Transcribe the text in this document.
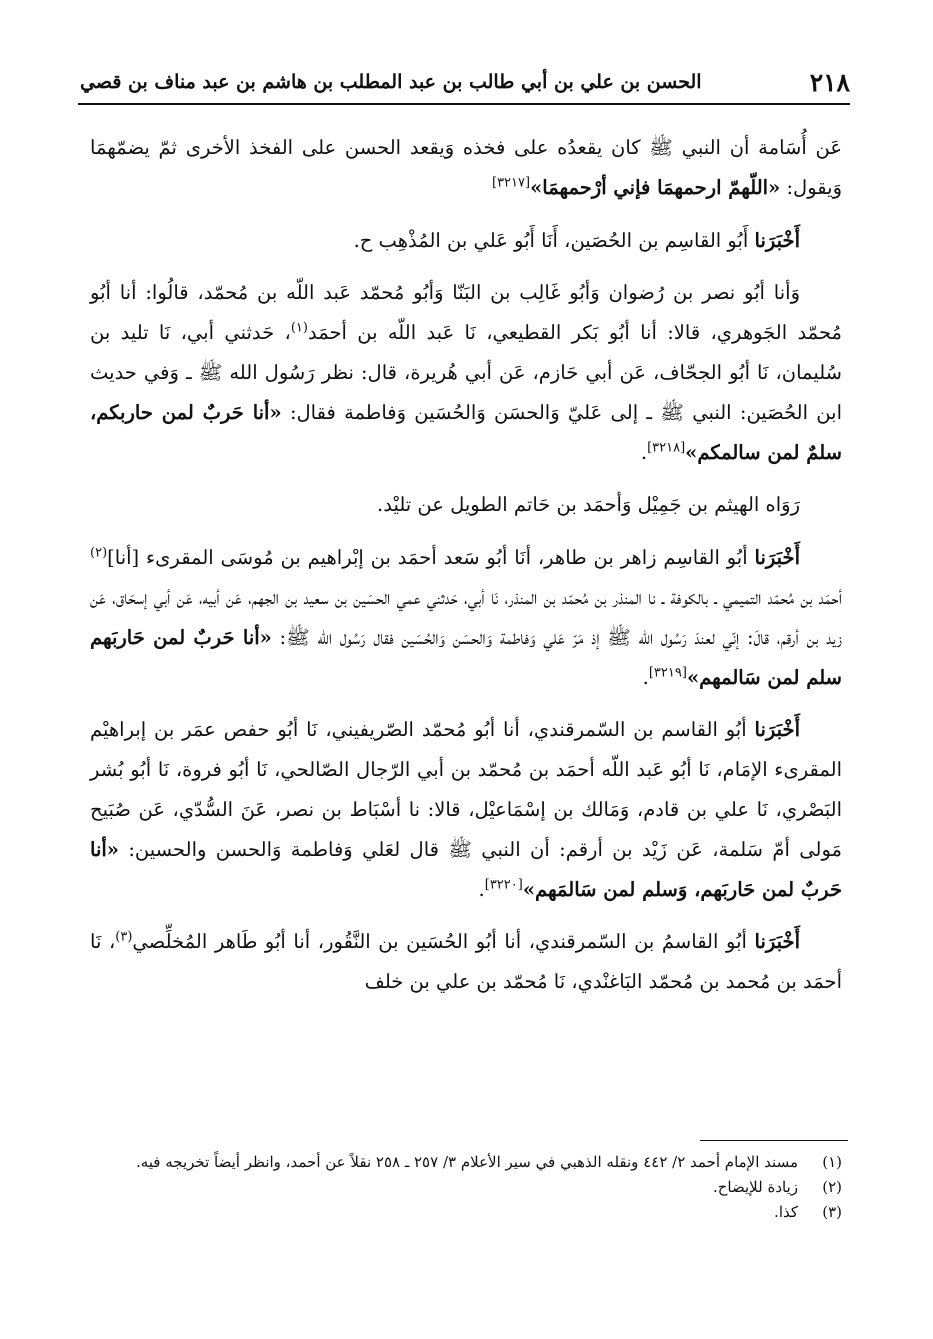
٢١٨
الحسن بن علي بن أبي طالب بن عبد المطلب بن هاشم بن عبد مناف بن قصي

عَن أُسَامة أن النبي ﷺ كان يقعدُه على فخذه وَيقعد الحسن على الفخذ الأخرى ثمّ يضمّهمَا وَيقول: «اللّهمّ ارحمهمَا فإني أرْحمهمَا»[٣٢١٧]

أَخْبَرَنا أَبُو القاسِم بن الحُصَين، أَنَا أَبُو عَلي بن المُذْهِب ح.

وَأنا أبُو نصر بن رُضوان وَأبُو غَالِب بن البَنّا وَأبُو مُحمّد عَبد اللّه بن مُحمّد، قالُوا: أنا أبُو مُحمّد الجَوهري، قالا: أنا أبُو بَكر القطيعي، نَا عَبد اللّه بن أحمَد$^{(١)}$، حَدثني أبي، نَا تليد بن سُليمان، نَا أبُو الجحّاف، عَن أبي حَازم، عَن أبي هُريرة، قال: نظر رَسُول الله ﷺ ـ وَفي حديث ابن الحُصَين: النبي ﷺ ـ إلى عَليّ وَالحسَن وَالحُسَين وَفاطمة فقال: «أنا حَربٌ لمن حاربكم، سلمٌ لمن سالمكم»[٣٢١٨].

رَوَاه الهيثم بن جَمِيْل وَأحمَد بن حَاتم الطويل عن تليْد.

أَخْبَرَنا أبُو القاسِم زاهر بن طاهر، أنَا أبُو سَعد أحمَد بن إبْراهيم بن مُوسَى المقرىء [أنا]$^{(٢)}$ أحمَد بن مُحمّد التميمي ـ بالكوفة ـ نا المنذر بن مُحمّد بن المنذر، نَا أبي، حَدثني عمي الحسَين بن سعيد بن الجهم، عَن أبيه، عَن أبي إسحَاق، عَن زيد بن أرقم، قالَ: إنّي لعندَ رَسُول الله ﷺ إذ مَرّ عَلي وَفاطمة وَالحسَن وَالحُسَين فقال رَسُول الله ﷺ: «أنا حَربٌ لمن حَاربَهم سلم لمن سَالمهم»[٣٢١٩].

أَخْبَرَنا أبُو القاسم بن السّمرقندي، أنا أبُو مُحمّد الصّريفيني، نَا أبُو حفص عمَر بن إبراهيْم المقرىء الإمَام، نَا أبُو عَبد اللّه أحمَد بن مُحمّد بن أبي الرّجال الصّالحي، نَا أبُو فروة، نَا أبُو بُشر البَصْري، نَا علي بن قادم، وَمَالك بن إسْمَاعيْل، قالا: نا أسْبَاط بن نصر، عَنَ السُّدّي، عَن صُبَيح مَولى أمّ سَلمة، عَن زَيْد بن أرقم: أن النبي ﷺ قال لعَلي وَفاطمة وَالحسن والحسين: «أنا حَربٌ لمن حَاربَهم، وَسلم لمن سَالمَهم»[٣٢٢٠].

أَخْبَرَنا أبُو القاسمُ بن السّمرقندي، أنا أبُو الحُسَين بن النَّقُور، أنا أبُو طَاهر المُخلِّصي$^{(٣)}$، نَا أحمَد بن مُحمد بن مُحمّد البَاغنْدي، نَا مُحمّد بن علي بن خلف

(١)
مسند الإمام أحمد ٢/ ٤٤٢ ونقله الذهبي في سير الأعلام ٣/ ٢٥٧ ـ ٢٥٨ نقلاً عن أحمد، وانظر أيضاً تخريجه فيه.
(٢)
زيادة للإيضاح.
(٣)
كذا.
